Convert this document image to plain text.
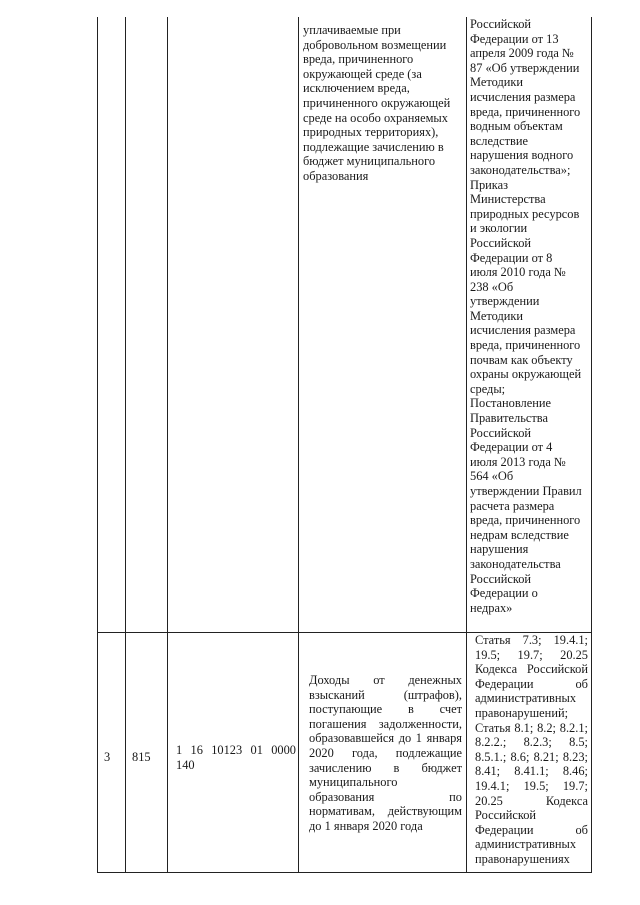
уплачиваемые при

добровольном возмещении

вреда, причиненного

окружающей среде (за

исключением вреда,

причиненного окружающей

среде на особо охраняемых

природных территориях),

подлежащие зачислению в

бюджет муниципального

образования

Российской

Федерации от 13

апреля 2009 года №

87 «Об утверждении

Методики

исчисления размера

вреда, причиненного

водным объектам

вследствие

нарушения водного

законодательства»;

Приказ

Министерства

природных ресурсов

и экологии

Российской

Федерации от 8

июля 2010 года №

238 «Об

утверждении

Методики

исчисления размера

вреда, причиненного

почвам как объекту

охраны окружающей

среды;

Постановление

Правительства

Российской

Федерации от 4

июля 2013 года №

564 «Об

утверждении Правил

расчета размера

вреда, причиненного

недрам вследствие

нарушения

законодательства

Российской

Федерации о

недрах»

3 815 1 16 10123 01 0000

140

Доходы от денежных

взысканий (штрафов),

поступающие в счет

погашения задолженности,

образовавшейся до 1 января

2020 года, подлежащие

зачислению в бюджет

муниципального

образования по

нормативам, действующим

до 1 января 2020 года

Статья 7.3; 19.4.1;

19.5; 19.7; 20.25

Кодекса Российской

Федерации об

административных

правонарушений;

Статья 8.1; 8.2; 8.2.1;

8.2.2.; 8.2.3; 8.5;

8.5.1.; 8.6; 8.21; 8.23;

8.41; 8.41.1; 8.46;

19.4.1; 19.5; 19.7;

20.25 Кодекса

Российской

Федерации об

административных

правонарушениях
